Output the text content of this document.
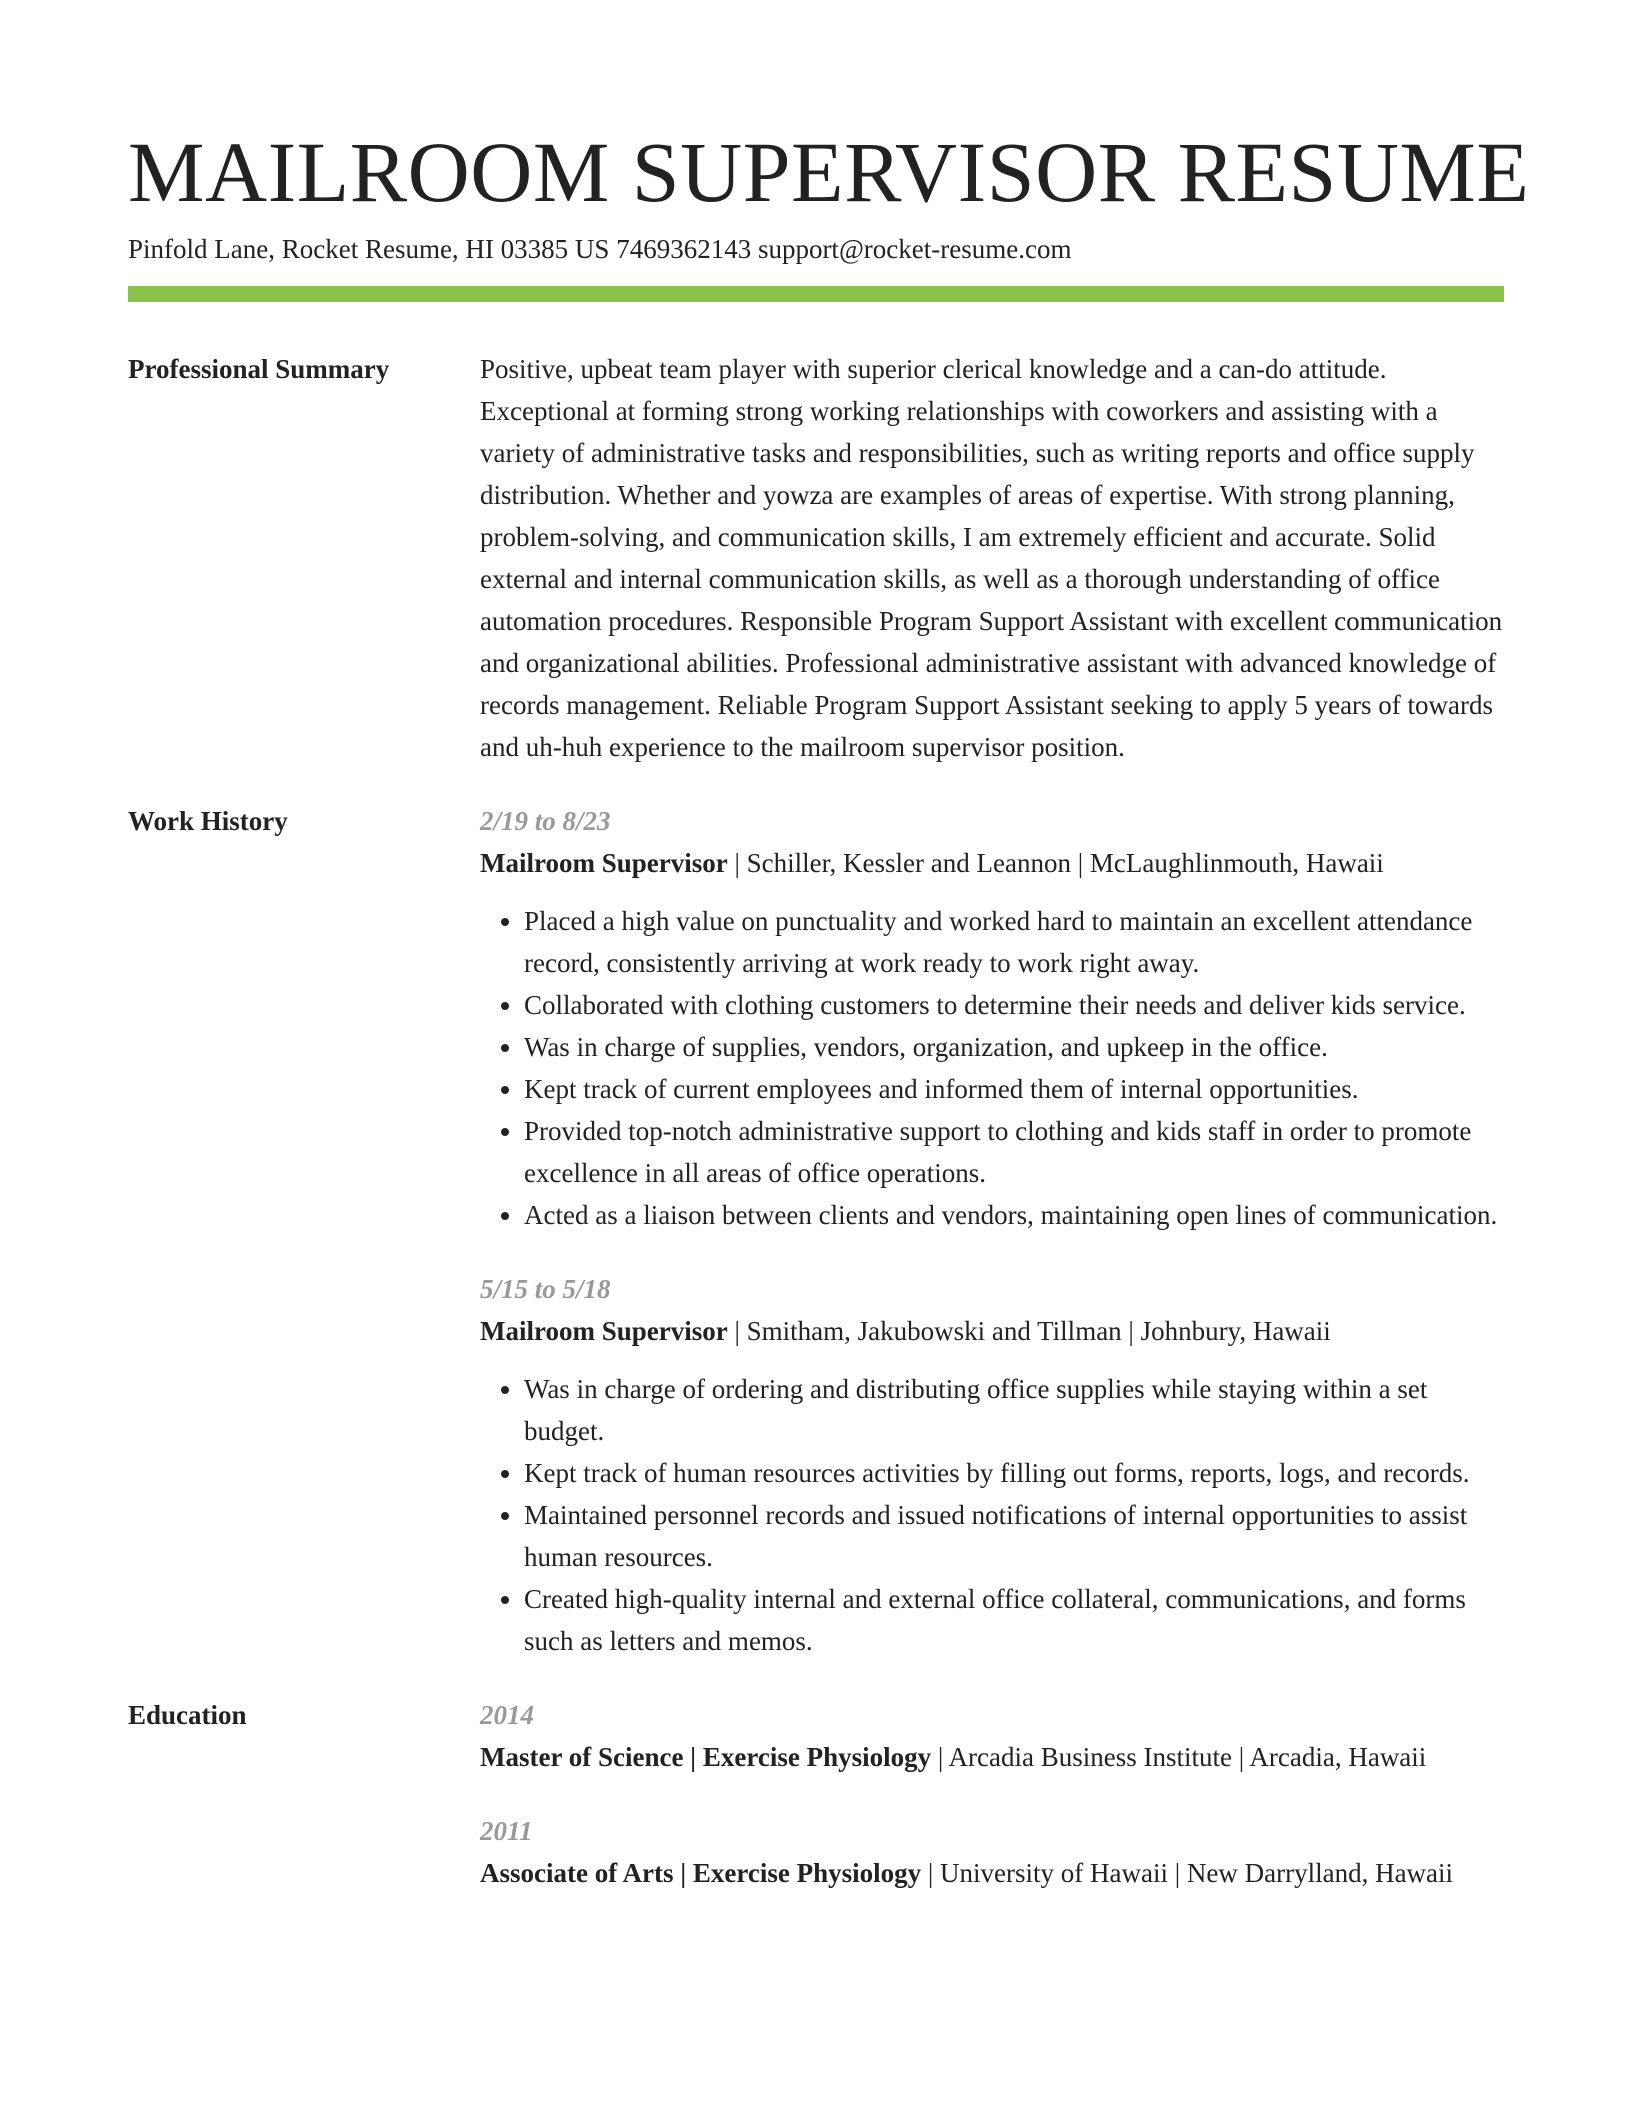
MAILROOM SUPERVISOR RESUME
Pinfold Lane, Rocket Resume, HI 03385 US 7469362143 support@rocket-resume.com
Professional Summary	Positive, upbeat team player with superior clerical knowledge and a can-do attitude. Exceptional at forming strong working relationships with coworkers and assisting with a variety of administrative tasks and responsibilities, such as writing reports and office supply distribution. Whether and yowza are examples of areas of expertise. With strong planning, problem-solving, and communication skills, I am extremely efficient and accurate. Solid external and internal communication skills, as well as a thorough understanding of office automation procedures. Responsible Program Support Assistant with excellent communication and organizational abilities. Professional administrative assistant with advanced knowledge of records management. Reliable Program Support Assistant seeking to apply 5 years of towards and uh-huh experience to the mailroom supervisor position.

Work History	2/19 to 8/23
Mailroom Supervisor | Schiller, Kessler and Leannon | McLaughlinmouth, Hawaii
• Placed a high value on punctuality and worked hard to maintain an excellent attendance record, consistently arriving at work ready to work right away.
• Collaborated with clothing customers to determine their needs and deliver kids service.
• Was in charge of supplies, vendors, organization, and upkeep in the office.
• Kept track of current employees and informed them of internal opportunities.
• Provided top-notch administrative support to clothing and kids staff in order to promote excellence in all areas of office operations.
• Acted as a liaison between clients and vendors, maintaining open lines of communication.
5/15 to 5/18
Mailroom Supervisor | Smitham, Jakubowski and Tillman | Johnbury, Hawaii
• Was in charge of ordering and distributing office supplies while staying within a set budget.
• Kept track of human resources activities by filling out forms, reports, logs, and records.
• Maintained personnel records and issued notifications of internal opportunities to assist human resources.
• Created high-quality internal and external office collateral, communications, and forms such as letters and memos.
Education	2014
Master of Science | Exercise Physiology | Arcadia Business Institute | Arcadia, Hawaii
2011
Associate of Arts | Exercise Physiology | University of Hawaii | New Darrylland, Hawaii
